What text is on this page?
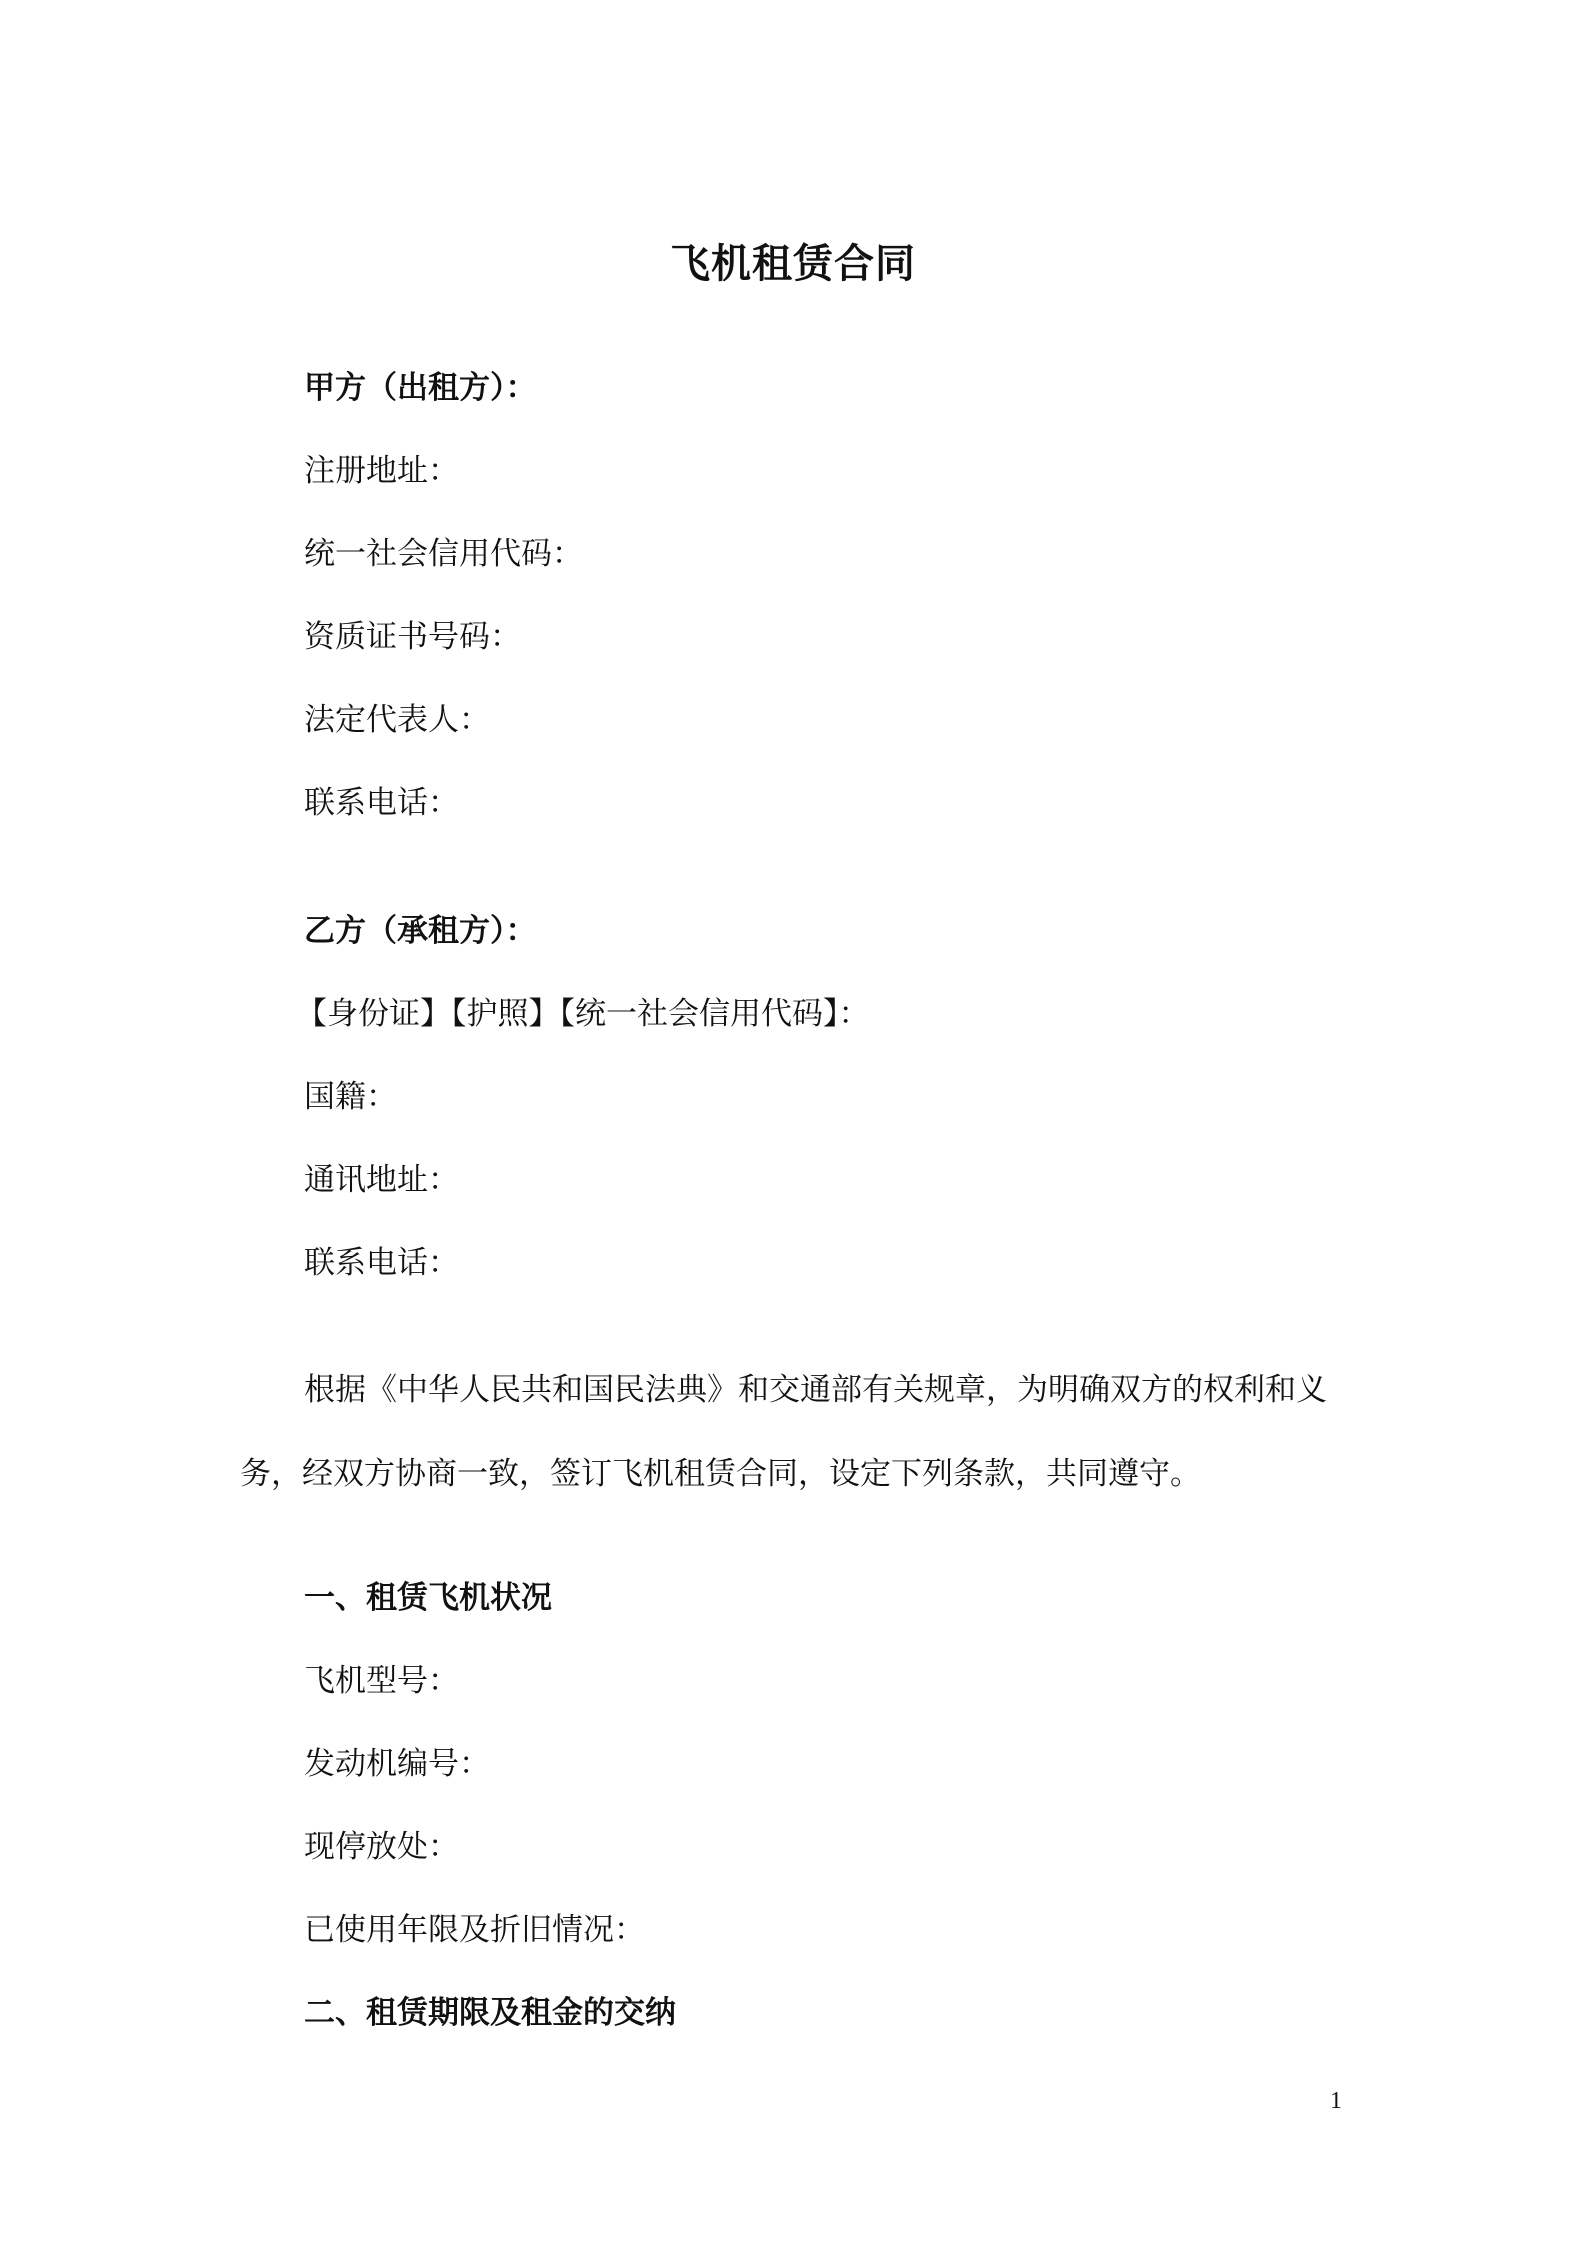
飞机租赁合同
甲方（出租方）：
注册地址：
统一社会信用代码：
资质证书号码：
法定代表人：
联系电话：
乙方（承租方）：
【身份证】【护照】【统一社会信用代码】：
国籍：
通讯地址：
联系电话：
根据《中华人民共和国民法典》和交通部有关规章，为明确双方的权利和义
务，经双方协商一致，签订飞机租赁合同，设定下列条款，共同遵守。
一、租赁飞机状况
飞机型号：
发动机编号：
现停放处：
已使用年限及折旧情况：
二、租赁期限及租金的交纳
1
